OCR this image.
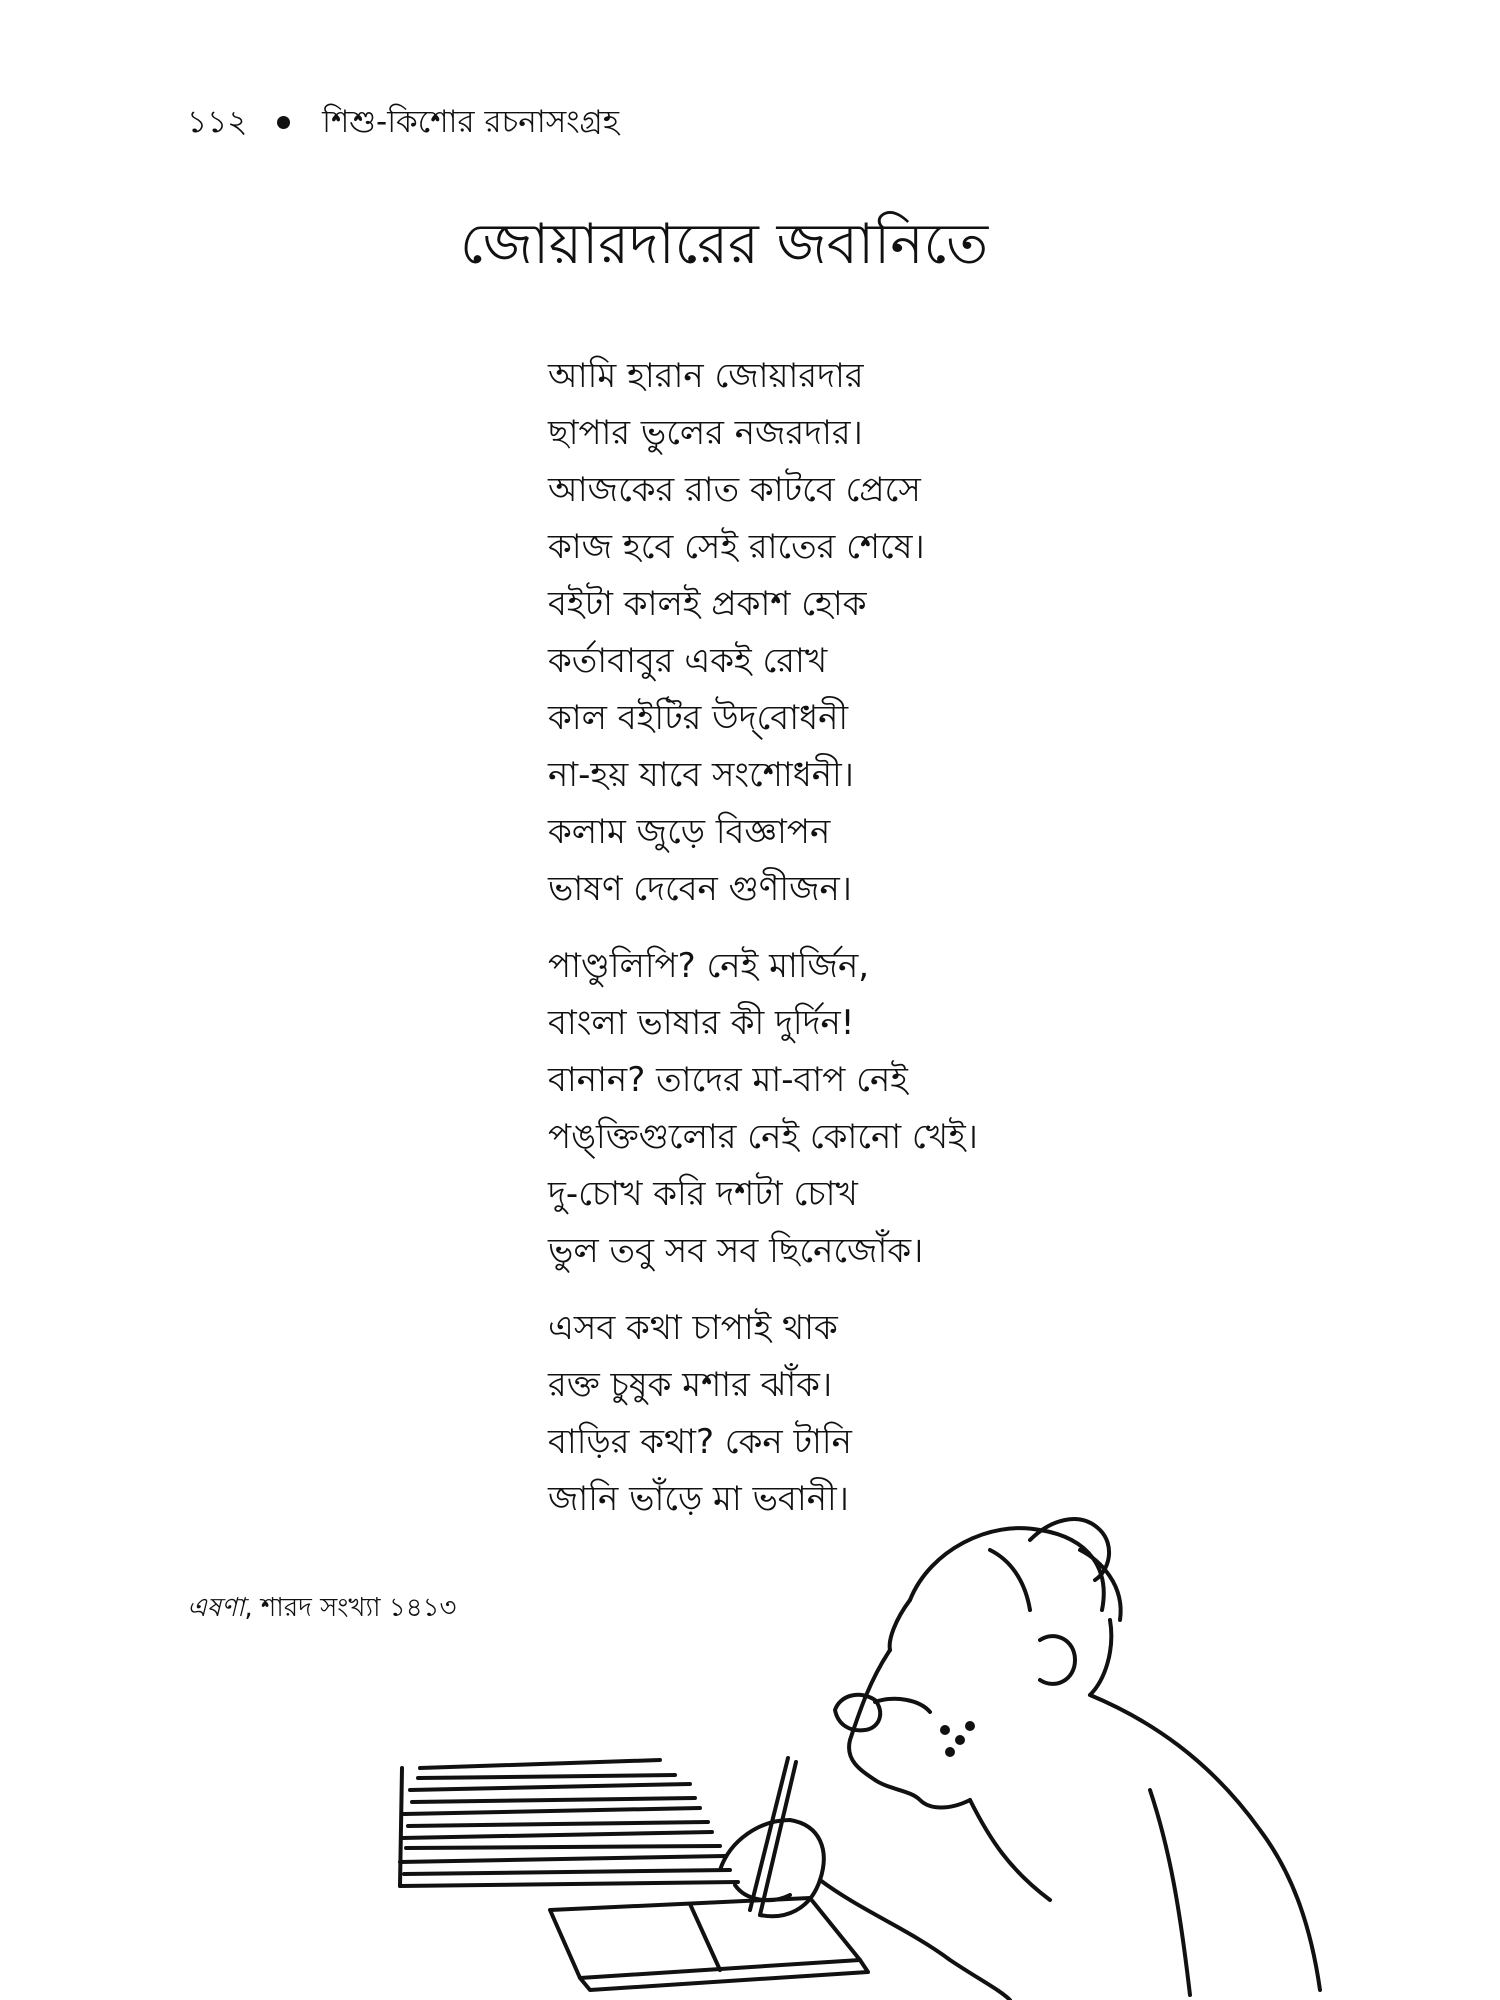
১১২ শিশু-কিশোর রচনাসংগ্রহ
জোয়ারদারের জবানিতে
আমি হারান জোয়ারদার
ছাপার ভুলের নজরদার।
আজকের রাত কাটবে প্রেসে
কাজ হবে সেই রাতের শেষে।
বইটা কালই প্রকাশ হোক
কর্তাবাবুর একই রোখ
কাল বইটির উদ্‌বোধনী
না-হয় যাবে সংশোধনী।
কলাম জুড়ে বিজ্ঞাপন
ভাষণ দেবেন গুণীজন।
পাণ্ডুলিপি? নেই মার্জিন,
বাংলা ভাষার কী দুর্দিন!
বানান? তাদের মা-বাপ নেই
পঙ্‌ক্তিগুলোর নেই কোনো খেই।
দু-চোখ করি দশটা চোখ
ভুল তবু সব সব ছিনেজোঁক।
এসব কথা চাপাই থাক
রক্ত চুষুক মশার ঝাঁক।
বাড়ির কথা? কেন টানি
জানি ভাঁড়ে মা ভবানী।
এষণা, শারদ সংখ্যা ১৪১৩
